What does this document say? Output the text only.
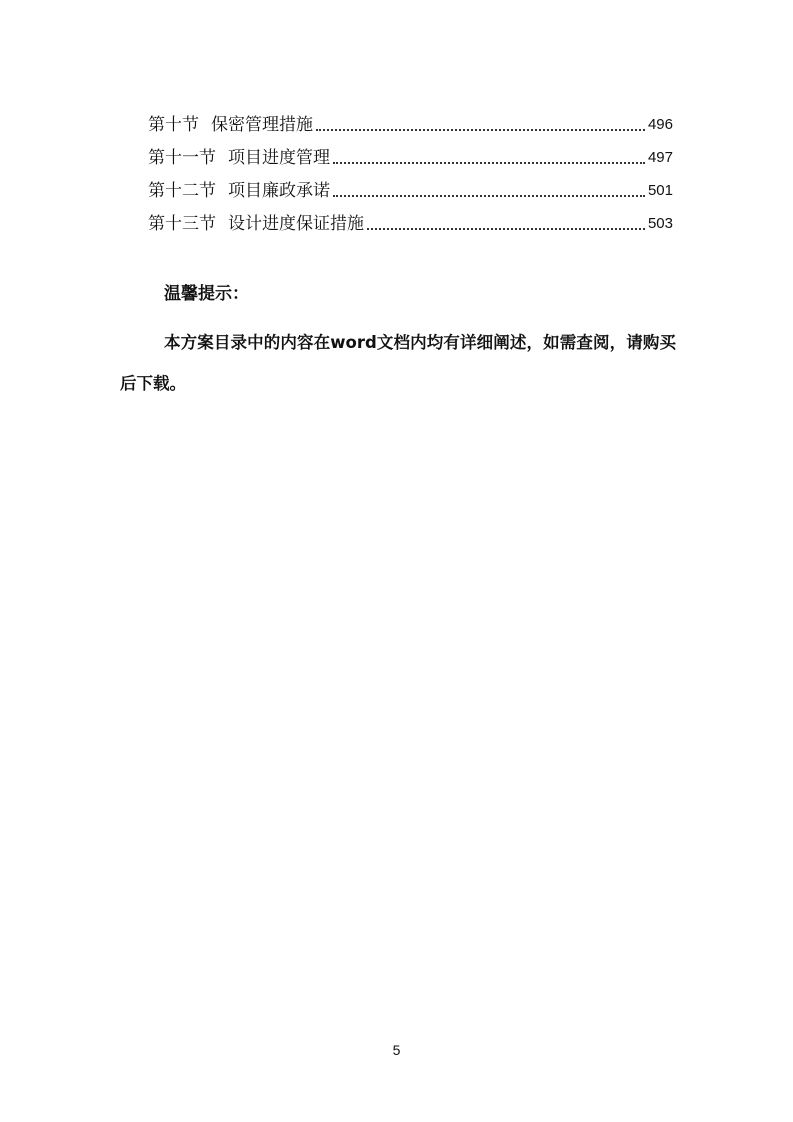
第十节 保密管理措施	496
第十一节 项目进度管理	497
第十二节 项目廉政承诺	501
第十三节 设计进度保证措施	503
温馨提示：
本方案目录中的内容在word文档内均有详细阐述，如需查阅，请购买后下载。
5
